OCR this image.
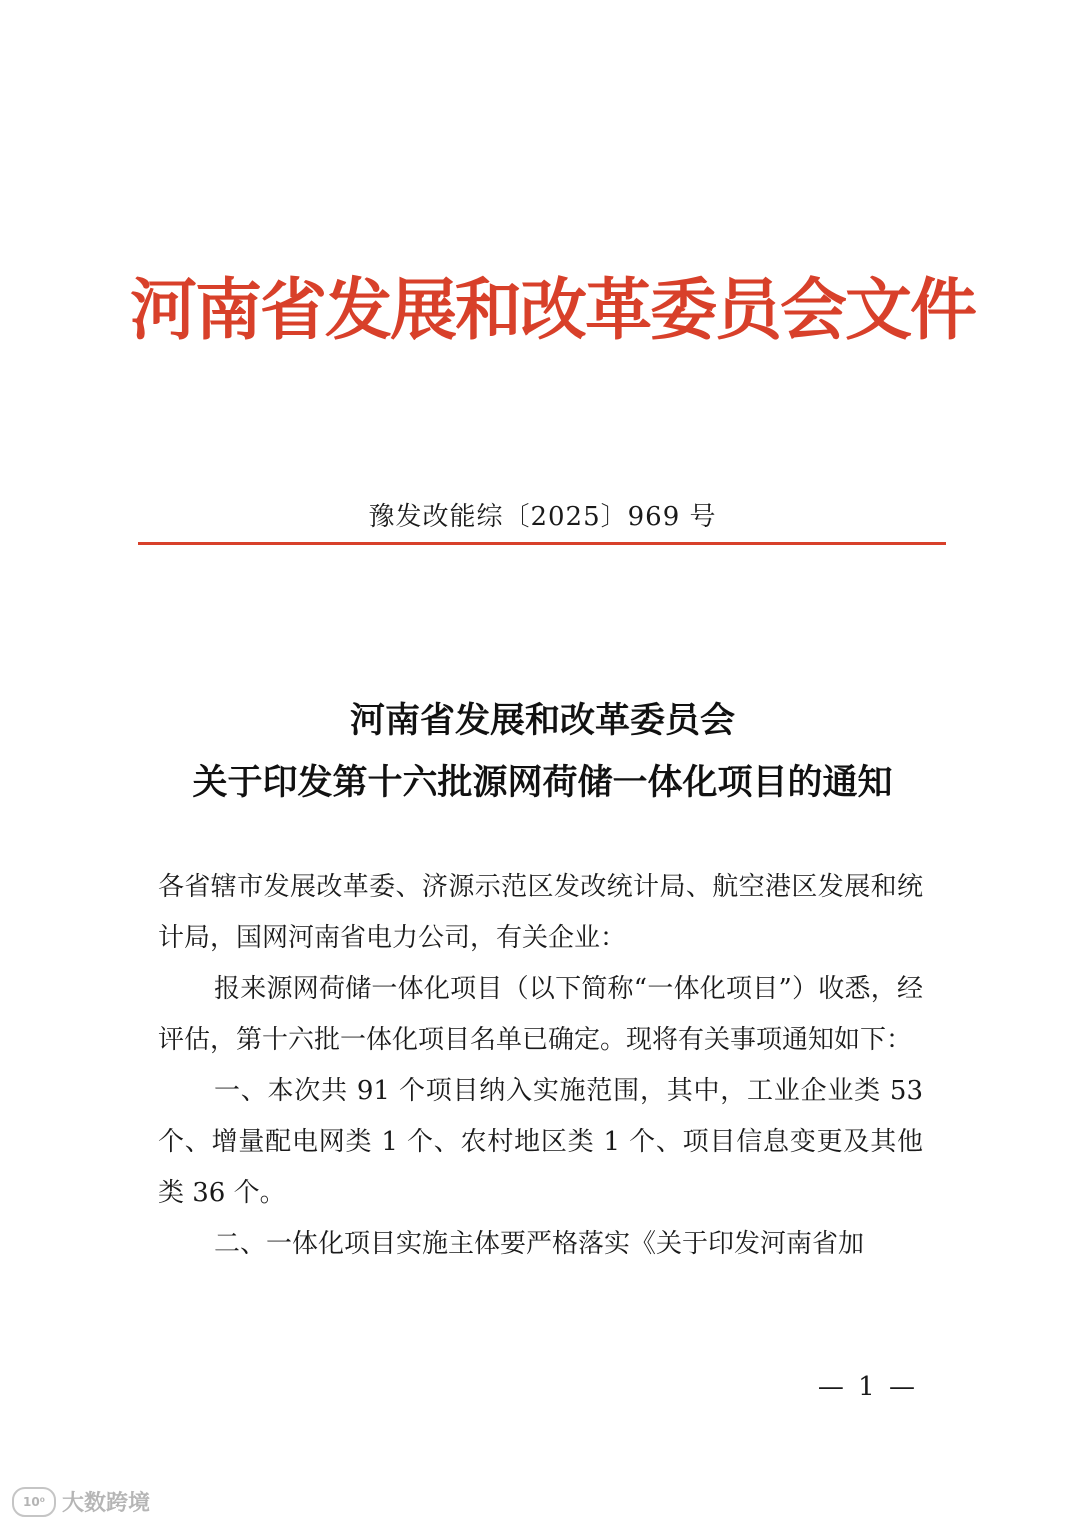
河南省发展和改革委员会文件
豫发改能综〔2025〕969 号
河南省发展和改革委员会
关于印发第十六批源网荷储一体化项目的通知

各省辖市发展改革委、济源示范区发改统计局、航空港区发展和统计局，国网河南省电力公司，有关企业：

报来源网荷储一体化项目（以下简称“一体化项目”）收悉，经评估，第十六批一体化项目名单已确定。现将有关事项通知如下：

一、本次共 91 个项目纳入实施范围，其中，工业企业类 53 个、增量配电网类 1 个、农村地区类 1 个、项目信息变更及其他类 36 个。

二、一体化项目实施主体要严格落实《关于印发河南省加

— 1 —
10⁰ 大数跨境
